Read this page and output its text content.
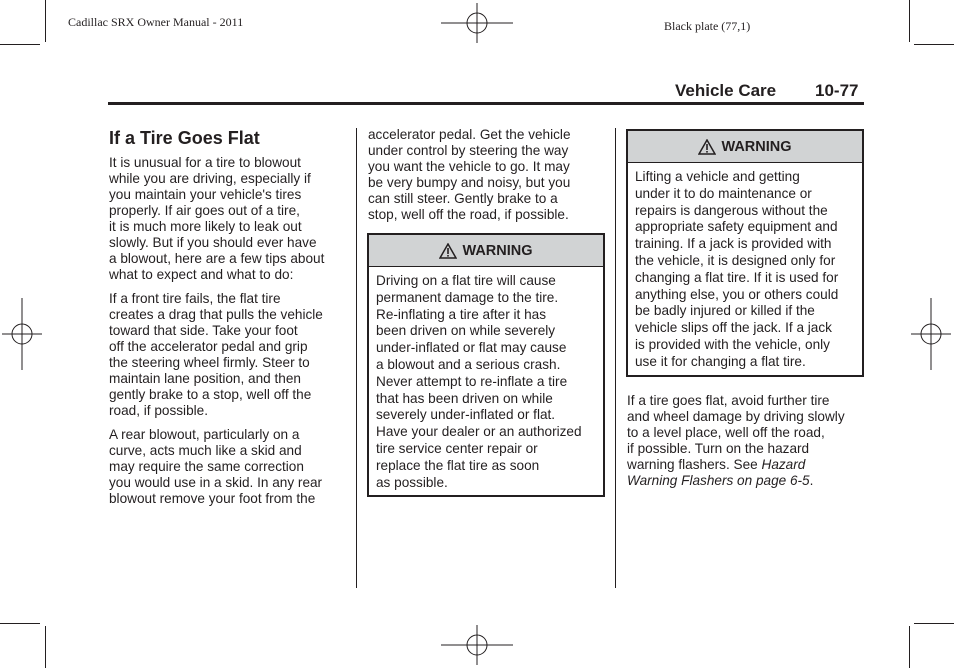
Cadillac SRX Owner Manual - 2011	Black plate (77,1)
Vehicle Care 10-77
If a Tire Goes Flat

It is unusual for a tire to blowout
while you are driving, especially if
you maintain your vehicle's tires
properly. If air goes out of a tire,
it is much more likely to leak out
slowly. But if you should ever have
a blowout, here are a few tips about
what to expect and what to do:

If a front tire fails, the flat tire
creates a drag that pulls the vehicle
toward that side. Take your foot
off the accelerator pedal and grip
the steering wheel firmly. Steer to
maintain lane position, and then
gently brake to a stop, well off the
road, if possible.

A rear blowout, particularly on a
curve, acts much like a skid and
may require the same correction
you would use in a skid. In any rear
blowout remove your foot from the

accelerator pedal. Get the vehicle
under control by steering the way
you want the vehicle to go. It may
be very bumpy and noisy, but you
can still steer. Gently brake to a
stop, well off the road, if possible.

WARNING
Driving on a flat tire will cause
permanent damage to the tire.
Re-inflating a tire after it has
been driven on while severely
under-inflated or flat may cause
a blowout and a serious crash.
Never attempt to re-inflate a tire
that has been driven on while
severely under-inflated or flat.
Have your dealer or an authorized
tire service center repair or
replace the flat tire as soon
as possible.
WARNING
Lifting a vehicle and getting
under it to do maintenance or
repairs is dangerous without the
appropriate safety equipment and
training. If a jack is provided with
the vehicle, it is designed only for
changing a flat tire. If it is used for
anything else, you or others could
be badly injured or killed if the
vehicle slips off the jack. If a jack
is provided with the vehicle, only
use it for changing a flat tire.

If a tire goes flat, avoid further tire
and wheel damage by driving slowly
to a level place, well off the road,
if possible. Turn on the hazard
warning flashers. See Hazard
Warning Flashers on page 6-5.
